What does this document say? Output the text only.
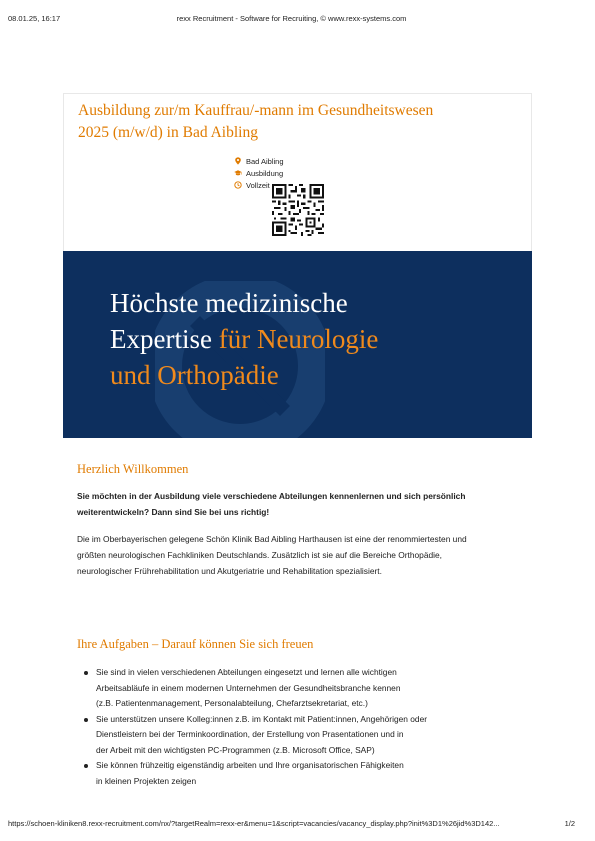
08.01.25, 16:17	rexx Recruitment - Software for Recruiting, © www.rexx-systems.com
Ausbildung zur/m Kauffrau/-mann im Gesundheitswesen
2025 (m/w/d) in Bad Aibling
Bad Aibling
Ausbildung
Vollzeit
Höchste medizinische
Expertise für Neurologie
und Orthopädie
Herzlich Willkommen
Sie möchten in der Ausbildung viele verschiedene Abteilungen kennenlernen und sich persönlich
weiterentwickeln? Dann sind Sie bei uns richtig!
Die im Oberbayerischen gelegene Schön Klinik Bad Aibling Harthausen ist eine der renommiertesten und
größten neurologischen Fachkliniken Deutschlands. Zusätzlich ist sie auf die Bereiche Orthopädie,
neurologischer Frührehabilitation und Akutgeriatrie und Rehabilitation spezialisiert.
Ihre Aufgaben – Darauf können Sie sich freuen
Sie sind in vielen verschiedenen Abteilungen eingesetzt und lernen alle wichtigen
Arbeitsabläufe in einem modernen Unternehmen der Gesundheitsbranche kennen
(z.B. Patientenmanagement, Personalabteilung, Chefarztsekretariat, etc.)
Sie unterstützen unsere Kolleg:innen z.B. im Kontakt mit Patient:innen, Angehörigen oder
Dienstleistern bei der Terminkoordination, der Erstellung von Prasentationen und in
der Arbeit mit den wichtigsten PC-Programmen (z.B. Microsoft Office, SAP)
Sie können frühzeitig eigenständig arbeiten und Ihre organisatorischen Fähigkeiten
in kleinen Projekten zeigen
https://schoen-kliniken8.rexx-recruitment.com/nx/?targetRealm=rexx-er&menu=1&script=vacancies/vacancy_display.php?init%3D1%26jid%3D142...	1/2
